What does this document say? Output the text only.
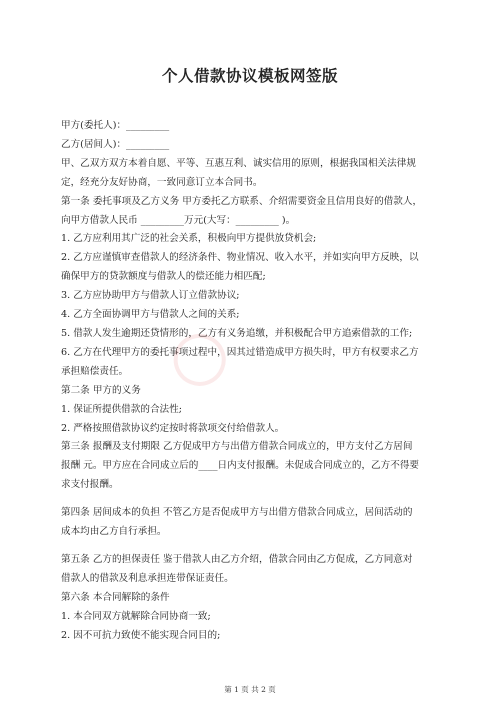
个人借款协议模板网签版
甲方(委托人)：_________
乙方(居间人)：_________
甲、乙双方双方本着自愿、平等、互惠互利、诚实信用的原则，根据我国相关法律规
定，经充分友好协商，一致同意订立本合同书。
第一条 委托事项及乙方义务 甲方委托乙方联系、介绍需要资金且信用良好的借款人，
向甲方借款人民币 _________万元(大写：_________ )。
1. 乙方应利用其广泛的社会关系，积极向甲方提供放贷机会;
2. 乙方应谨慎审查借款人的经济条件、物业情况、收入水平，并如实向甲方反映，以
确保甲方的贷款额度与借款人的偿还能力相匹配;
3. 乙方应协助甲方与借款人订立借款协议;
4. 乙方全面协调甲方与借款人之间的关系;
5. 借款人发生逾期还贷情形的，乙方有义务追缴，并积极配合甲方追索借款的工作;
6. 乙方在代理甲方的委托事项过程中，因其过错造成甲方损失时，甲方有权要求乙方
承担赔偿责任。
第二条 甲方的义务
1. 保证所提供借款的合法性;
2. 严格按照借款协议约定按时将款项交付给借款人。
第三条 报酬及支付期限 乙方促成甲方与出借方借款合同成立的，甲方支付乙方居间
报酬 元。甲方应在合同成立后的____日内支付报酬。未促成合同成立的，乙方不得要
求支付报酬。
第四条 居间成本的负担 不管乙方是否促成甲方与出借方借款合同成立，居间活动的
成本均由乙方自行承担。
第五条 乙方的担保责任 鉴于借款人由乙方介绍，借款合同由乙方促成，乙方同意对
借款人的借款及利息承担连带保证责任。
第六条 本合同解除的条件
1. 本合同双方就解除合同协商一致;
2. 因不可抗力致使不能实现合同目的;
第 1 页 共 2 页
